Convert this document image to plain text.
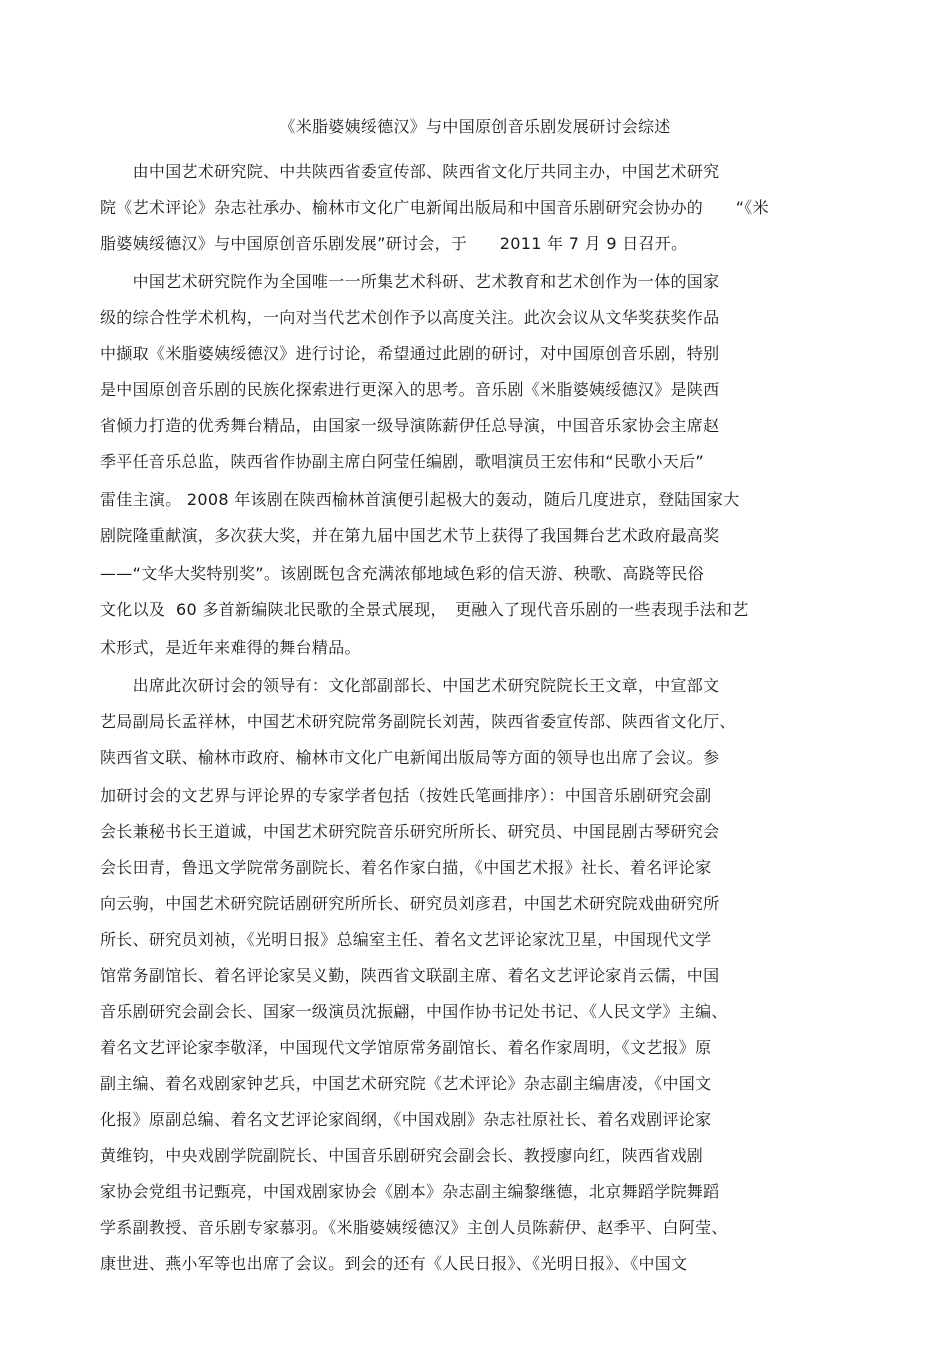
《米脂婆姨绥德汉》与中国原创音乐剧发展研讨会综述
　　由中国艺术研究院、中共陕西省委宣传部、陕西省文化厅共同主办，中国艺术研究
院《艺术评论》杂志社承办、榆林市文化广电新闻出版局和中国音乐剧研究会协办的　　“《米
脂婆姨绥德汉》与中国原创音乐剧发展”研讨会，于　　2011 年 7 月 9 日召开。
　　中国艺术研究院作为全国唯一一所集艺术科研、艺术教育和艺术创作为一体的国家
级的综合性学术机构，一向对当代艺术创作予以高度关注。此次会议从文华奖获奖作品
中撷取《米脂婆姨绥德汉》进行讨论，希望通过此剧的研讨，对中国原创音乐剧，特别
是中国原创音乐剧的民族化探索进行更深入的思考。音乐剧《米脂婆姨绥德汉》是陕西
省倾力打造的优秀舞台精品，由国家一级导演陈薪伊任总导演，中国音乐家协会主席赵
季平任音乐总监，陕西省作协副主席白阿莹任编剧，歌唱演员王宏伟和“民歌小天后”
雷佳主演。 2008 年该剧在陕西榆林首演便引起极大的轰动，随后几度进京，登陆国家大
剧院隆重献演，多次获大奖，并在第九届中国艺术节上获得了我国舞台艺术政府最高奖
——“文华大奖特别奖”。该剧既包含充满浓郁地域色彩的信天游、秧歌、高跷等民俗
文化以及  60 多首新编陕北民歌的全景式展现，　更融入了现代音乐剧的一些表现手法和艺
术形式，是近年来难得的舞台精品。
　　出席此次研讨会的领导有：文化部副部长、中国艺术研究院院长王文章，中宣部文
艺局副局长孟祥林，中国艺术研究院常务副院长刘茜，陕西省委宣传部、陕西省文化厅、
陕西省文联、榆林市政府、榆林市文化广电新闻出版局等方面的领导也出席了会议。参
加研讨会的文艺界与评论界的专家学者包括（按姓氏笔画排序）：中国音乐剧研究会副
会长兼秘书长王道诚，中国艺术研究院音乐研究所所长、研究员、中国昆剧古琴研究会
会长田青，鲁迅文学院常务副院长、着名作家白描，《中国艺术报》社长、着名评论家
向云驹，中国艺术研究院话剧研究所所长、研究员刘彦君，中国艺术研究院戏曲研究所
所长、研究员刘祯，《光明日报》总编室主任、着名文艺评论家沈卫星，中国现代文学
馆常务副馆长、着名评论家吴义勤，陕西省文联副主席、着名文艺评论家肖云儒，中国
音乐剧研究会副会长、国家一级演员沈振翩，中国作协书记处书记、《人民文学》主编、
着名文艺评论家李敬泽，中国现代文学馆原常务副馆长、着名作家周明，《文艺报》原
副主编、着名戏剧家钟艺兵，中国艺术研究院《艺术评论》杂志副主编唐凌，《中国文
化报》原副总编、着名文艺评论家阎纲，《中国戏剧》杂志社原社长、着名戏剧评论家
黄维钧，中央戏剧学院副院长、中国音乐剧研究会副会长、教授廖向红，陕西省戏剧
家协会党组书记甄亮，中国戏剧家协会《剧本》杂志副主编黎继德，北京舞蹈学院舞蹈
学系副教授、音乐剧专家慕羽。《米脂婆姨绥德汉》主创人员陈薪伊、赵季平、白阿莹、
康世进、燕小军等也出席了会议。到会的还有《人民日报》、《光明日报》、《中国文
